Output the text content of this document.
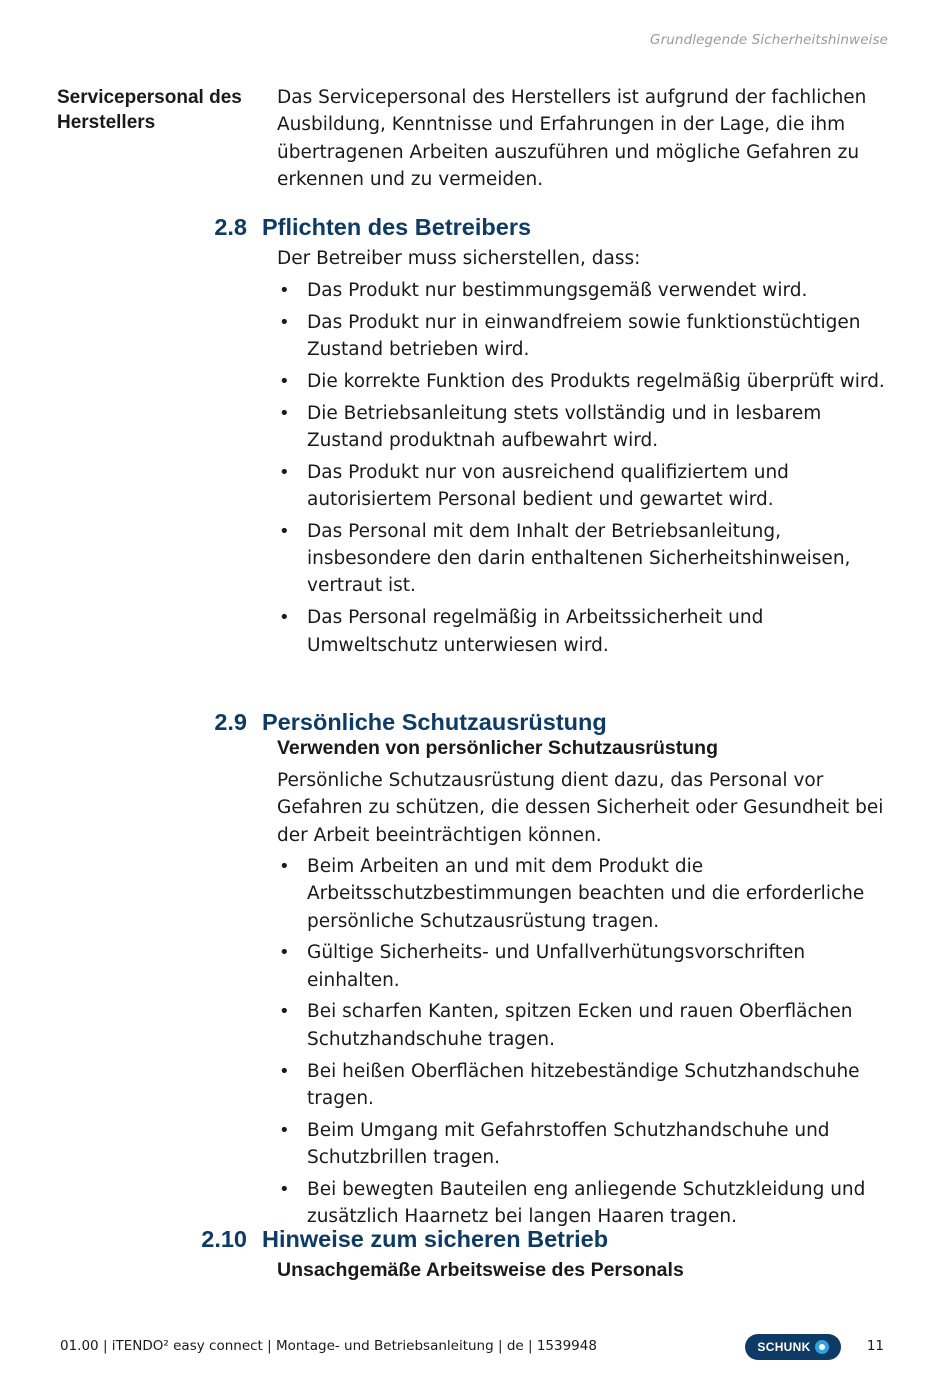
Grundlegende Sicherheitshinweise
Servicepersonal des Herstellers
Das Servicepersonal des Herstellers ist aufgrund der fachlichen Ausbildung, Kenntnisse und Erfahrungen in der Lage, die ihm übertragenen Arbeiten auszuführen und mögliche Gefahren zu erkennen und zu vermeiden.
2.8 Pflichten des Betreibers
Der Betreiber muss sicherstellen, dass:
• Das Produkt nur bestimmungsgemäß verwendet wird.
• Das Produkt nur in einwandfreiem sowie funktionstüchtigen Zustand betrieben wird.
• Die korrekte Funktion des Produkts regelmäßig überprüft wird.
• Die Betriebsanleitung stets vollständig und in lesbarem Zustand produktnah aufbewahrt wird.
• Das Produkt nur von ausreichend qualifiziertem und autorisiertem Personal bedient und gewartet wird.
• Das Personal mit dem Inhalt der Betriebsanleitung, insbesondere den darin enthaltenen Sicherheitshinweisen, vertraut ist.
• Das Personal regelmäßig in Arbeitssicherheit und Umweltschutz unterwiesen wird.
2.9 Persönliche Schutzausrüstung
Verwenden von persönlicher Schutzausrüstung
Persönliche Schutzausrüstung dient dazu, das Personal vor Gefahren zu schützen, die dessen Sicherheit oder Gesundheit bei der Arbeit beeinträchtigen können.
• Beim Arbeiten an und mit dem Produkt die Arbeitsschutzbestimmungen beachten und die erforderliche persönliche Schutzausrüstung tragen.
• Gültige Sicherheits- und Unfallverhütungsvorschriften einhalten.
• Bei scharfen Kanten, spitzen Ecken und rauen Oberflächen Schutzhandschuhe tragen.
• Bei heißen Oberflächen hitzebeständige Schutzhandschuhe tragen.
• Beim Umgang mit Gefahrstoffen Schutzhandschuhe und Schutzbrillen tragen.
• Bei bewegten Bauteilen eng anliegende Schutzkleidung und zusätzlich Haarnetz bei langen Haaren tragen.
2.10 Hinweise zum sicheren Betrieb
Unsachgemäße Arbeitsweise des Personals
01.00 | iTENDO² easy connect | Montage- und Betriebsanleitung | de | 1539948	SCHUNK	11
